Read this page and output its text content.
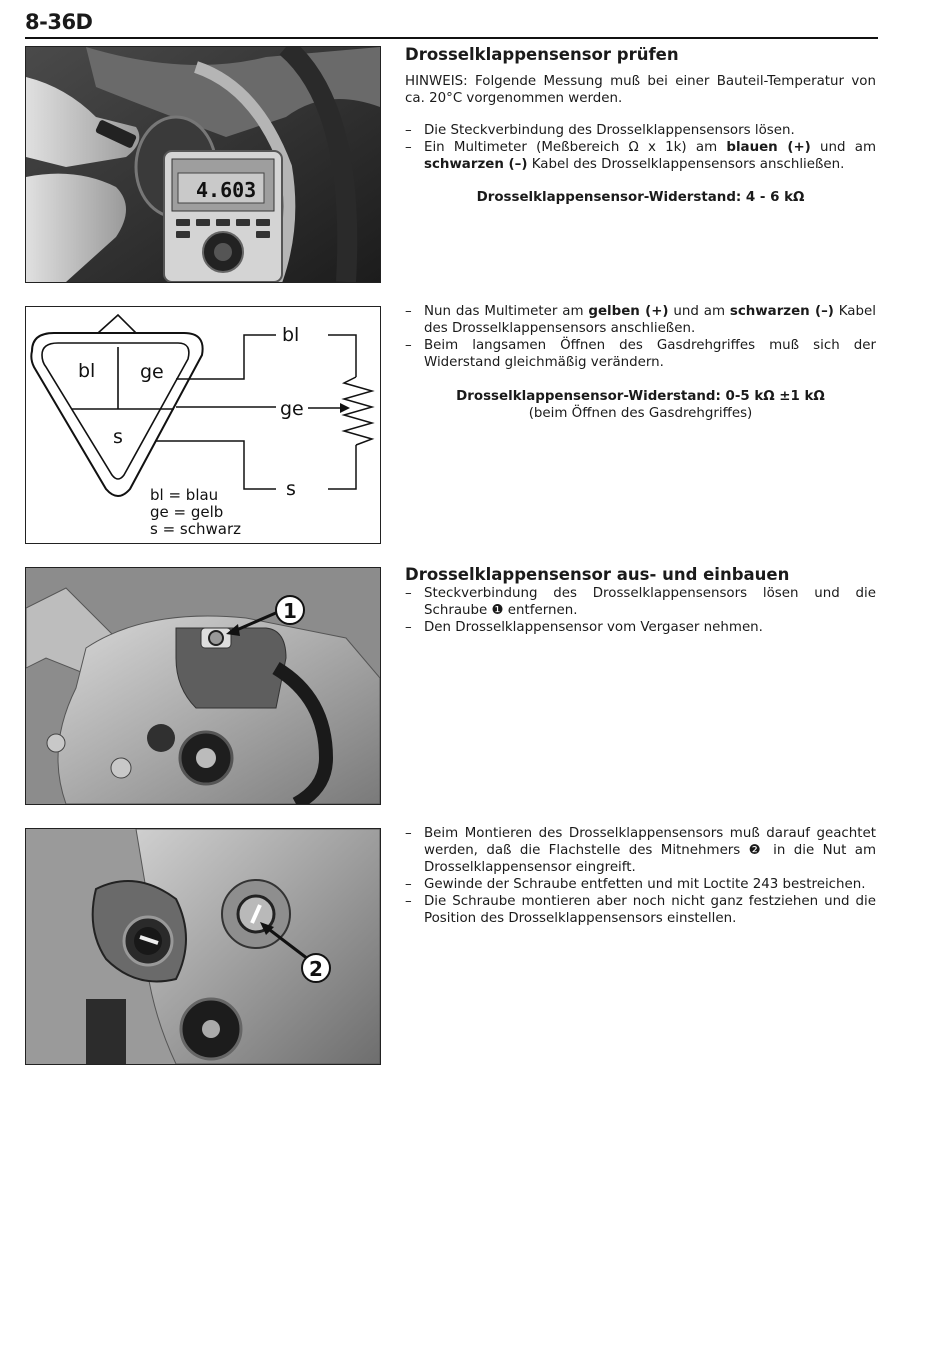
8-36D
4.603
Drosselklappensensor prüfen
HINWEIS: Folgende Messung muß bei einer Bauteil-Temperatur von ca. 20°C vorgenommen werden.
– Die Steckverbindung des Drosselklappensensors lösen.
– Ein Multimeter (Meßbereich Ω x 1k) am blauen (+) und am schwarzen (–) Kabel des Drosselklappensensors anschließen.
Drosselklappensensor-Widerstand: 4 - 6 kΩ
bl ge
s
bl
ge
s
bl = blau
ge = gelb
s = schwarz
– Nun das Multimeter am gelben (+) und am schwarzen (–) Kabel des Drosselklappensensors anschließen.
– Beim langsamen Öffnen des Gasdrehgriffes muß sich der Widerstand gleichmäßig verändern.
Drosselklappensensor-Widerstand: 0-5 kΩ ±1 kΩ
(beim Öffnen des Gasdrehgriffes)
1
Drosselklappensensor aus- und einbauen
– Steckverbindung des Drosselklappensensors lösen und die Schraube ❶ entfernen.
– Den Drosselklappensensor vom Vergaser nehmen.
2
– Beim Montieren des Drosselklappensensors muß darauf geachtet werden, daß die Flachstelle des Mitnehmers ❷ in die Nut am Drosselklappensensor eingreift.
– Gewinde der Schraube entfetten und mit Loctite 243 bestreichen.
– Die Schraube montieren aber noch nicht ganz festziehen und die Position des Drosselklappensensors einstellen.
